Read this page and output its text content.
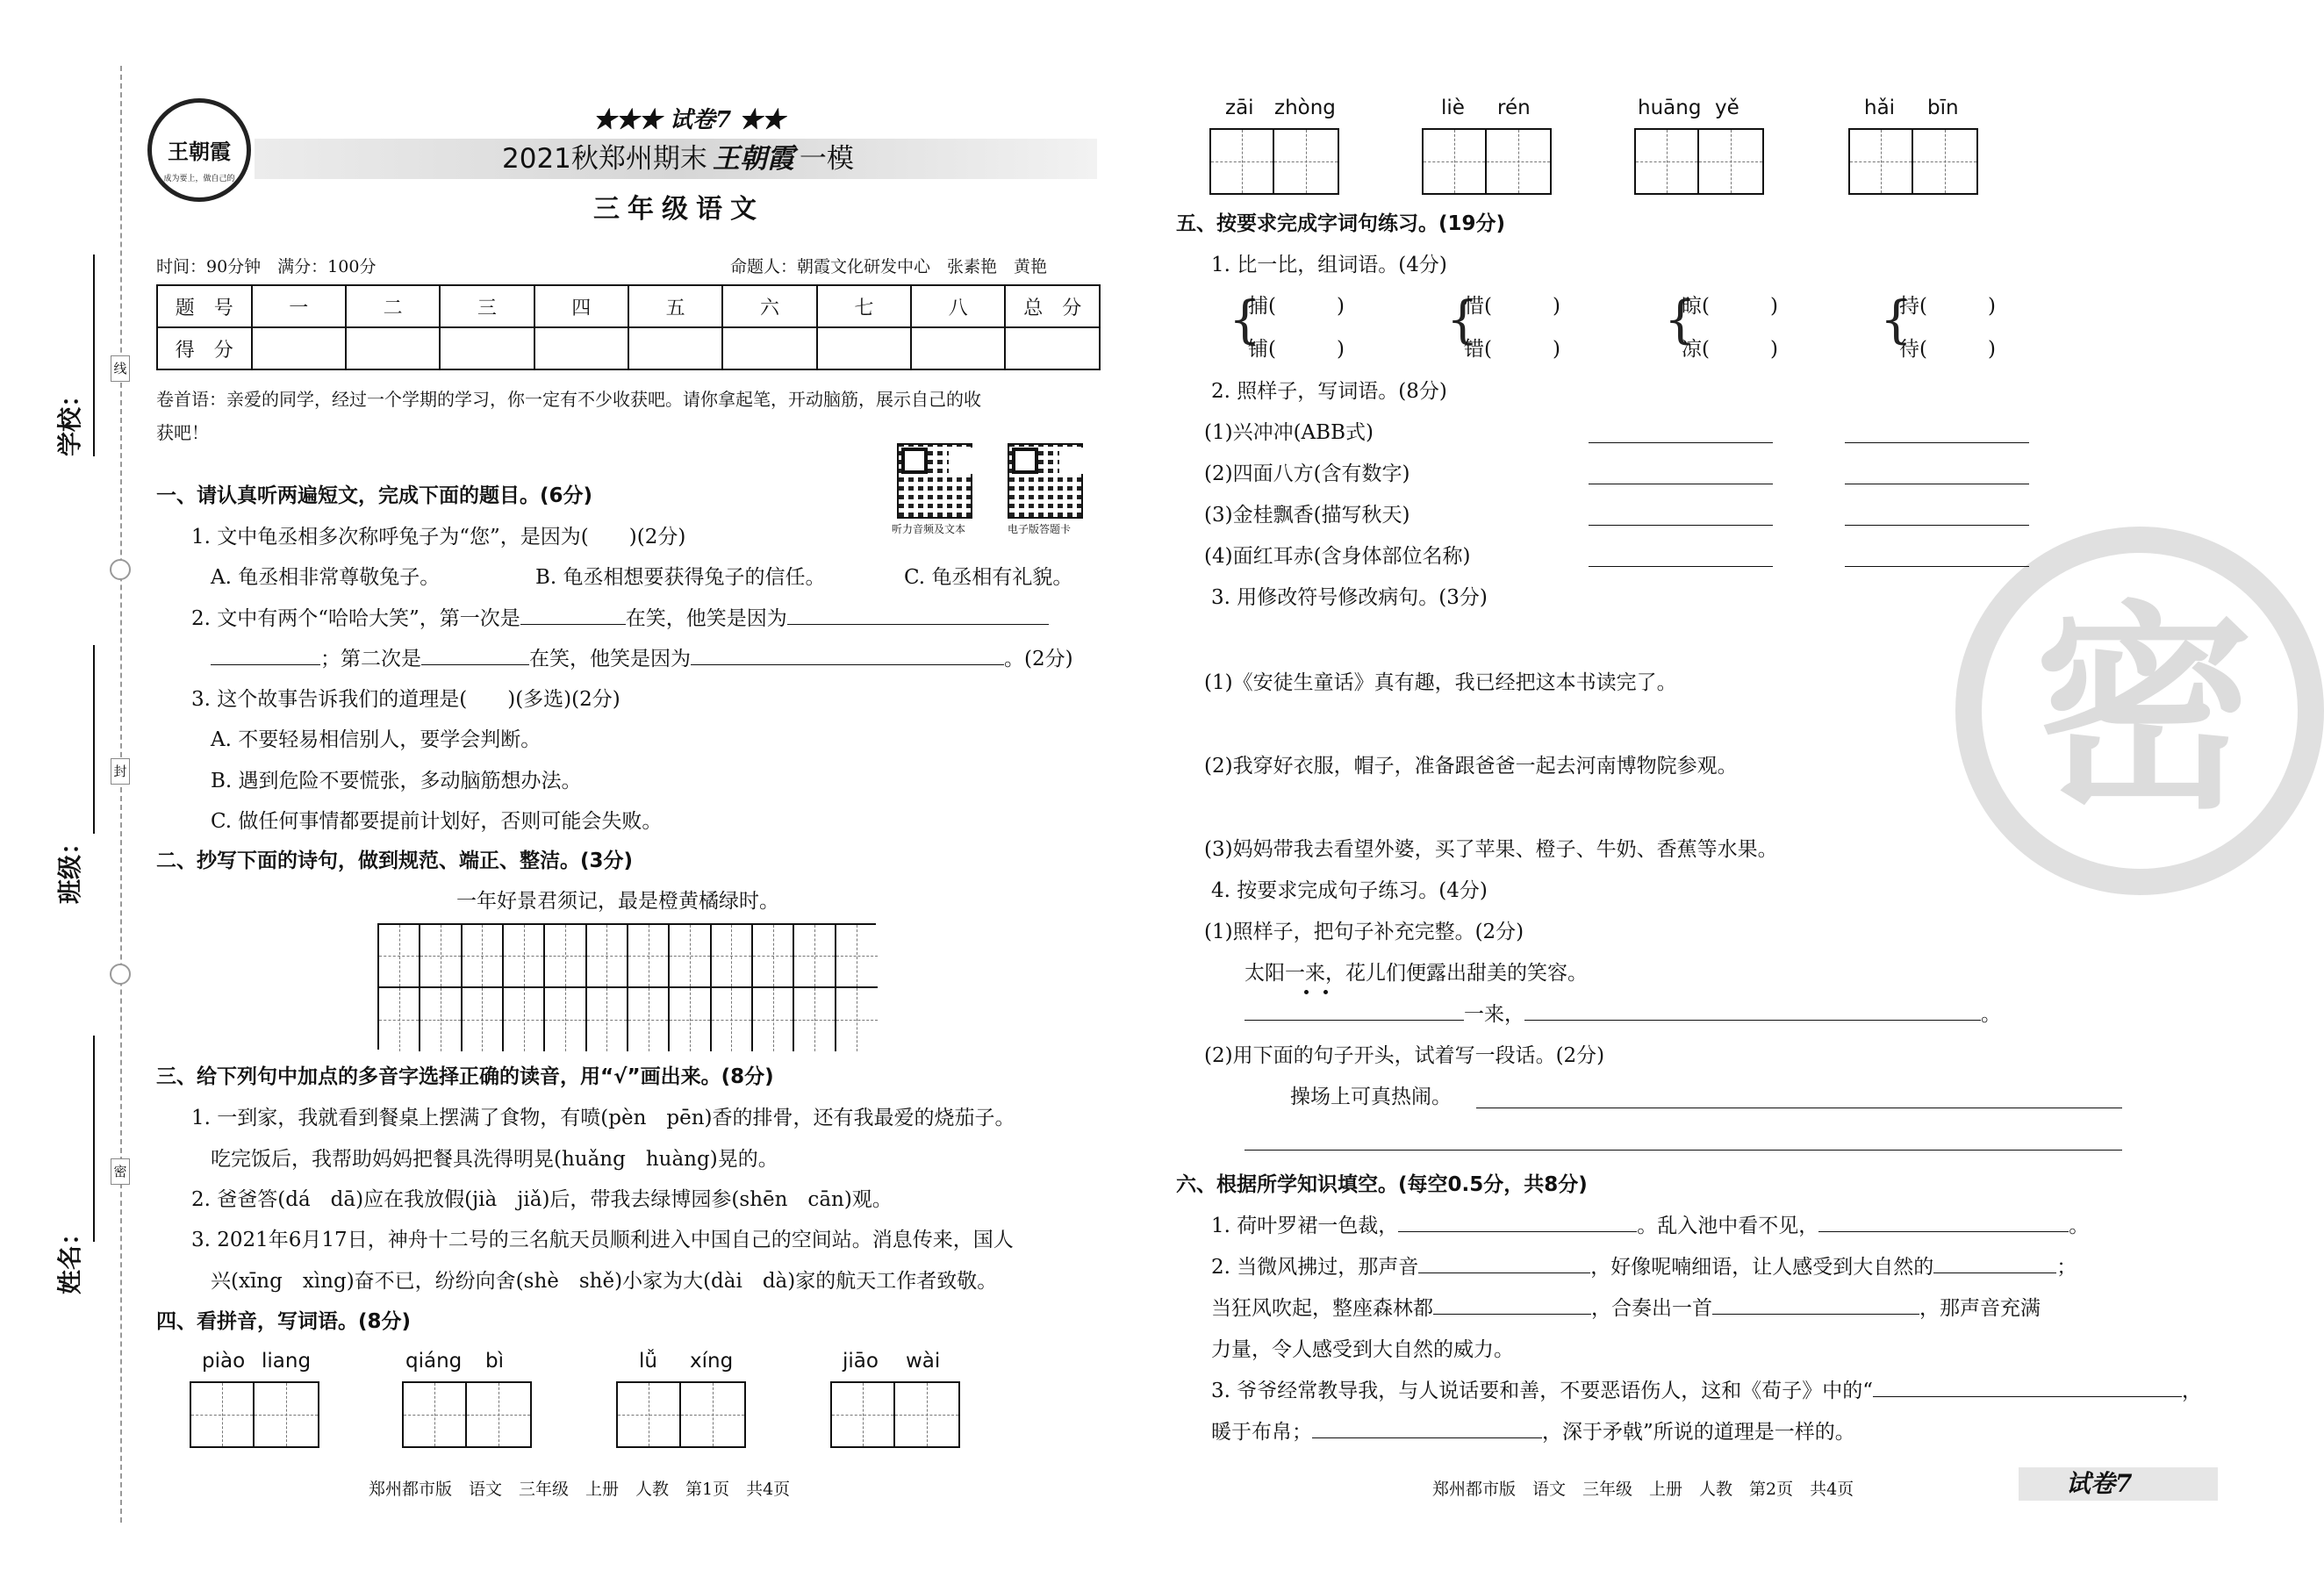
线
封
密
学校：
班级：
姓名：
王朝霞
成为要上，做自己的
★★★ 试卷7 ★★
2021秋郑州期末 王朝霞 一模
三年级语文
时间：90分钟　满分：100分	命题人：朝霞文化研发中心　张素艳　黄艳
题　号	一	二	三	四	五	六	七	八	总　分
得　分									
卷首语：亲爱的同学，经过一个学期的学习，你一定有不少收获吧。请你拿起笔，开动脑筋，展示自己的收
获吧！
听力音频及文本	电子版答题卡
一、请认真听两遍短文，完成下面的题目。(6分)
1. 文中龟丞相多次称呼兔子为“您”，是因为(　　)(2分)
A. 龟丞相非常尊敬兔子。	B. 龟丞相想要获得兔子的信任。	C. 龟丞相有礼貌。
2. 文中有两个“哈哈大笑”，第一次是	在笑，他笑是因为
；第二次是	在笑，他笑是因为	。(2分)
3. 这个故事告诉我们的道理是(　　)(多选)(2分)
A. 不要轻易相信别人，要学会判断。
B. 遇到危险不要慌张，多动脑筋想办法。
C. 做任何事情都要提前计划好，否则可能会失败。
二、抄写下面的诗句，做到规范、端正、整洁。(3分)
一年好景君须记，最是橙黄橘绿时。
三、给下列句中加点的多音字选择正确的读音，用“√”画出来。(8分)
1. 一到家，我就看到餐桌上摆满了食物，有喷(pèn　pēn)香的排骨，还有我最爱的烧茄子。
吃完饭后，我帮助妈妈把餐具洗得明晃(huǎng　huàng)晃的。
2. 爸爸答(dá　dā)应在我放假(jià　jiǎ)后，带我去绿博园参(shēn　cān)观。
3. 2021年6月17日，神舟十二号的三名航天员顺利进入中国自己的空间站。消息传来，国人
兴(xīng　xìng)奋不已，纷纷向舍(shè　shě)小家为大(dài　dà)家的航天工作者致敬。
四、看拼音，写词语。(8分)
piào liang	qiáng bì	lǚ xíng	jiāo wài
郑州都市版　语文　三年级　上册　人教　第1页　共4页
zāi zhòng	liè rén	huāng yě	hǎi bīn
密
五、按要求完成字词句练习。(19分)
1. 比一比，组词语。(4分)
{
捕(　　　)
铺(　　　) {
惜(　　　)
错(　　　) {
晾(　　　)
凉(　　　) {
持(　　　)
待(　　　)
2. 照样子，写词语。(8分)
(1)兴冲冲(ABB式)
(2)四面八方(含有数字)
(3)金桂飘香(描写秋天)
(4)面红耳赤(含身体部位名称)
3. 用修改符号修改病句。(3分)
(1)《安徒生童话》真有趣，我已经把这本书读完了。
(2)我穿好衣服，帽子，准备跟爸爸一起去河南博物院参观。
(3)妈妈带我去看望外婆，买了苹果、橙子、牛奶、香蕉等水果。
4. 按要求完成句子练习。(4分)
(1)照样子，把句子补充完整。(2分)
太阳一来，花儿们便露出甜美的笑容。
一来，	。
(2)用下面的句子开头，试着写一段话。(2分)
操场上可真热闹。
六、根据所学知识填空。(每空0.5分，共8分)
1. 荷叶罗裙一色裁，	。乱入池中看不见，	。
2. 当微风拂过，那声音	，好像呢喃细语，让人感受到大自然的	；
当狂风吹起，整座森林都	，合奏出一首	，那声音充满
力量，令人感受到大自然的威力。
3. 爷爷经常教导我，与人说话要和善，不要恶语伤人，这和《荀子》中的“	，
暖于布帛；	，深于矛戟”所说的道理是一样的。
郑州都市版　语文　三年级　上册　人教　第2页　共4页	试卷7
